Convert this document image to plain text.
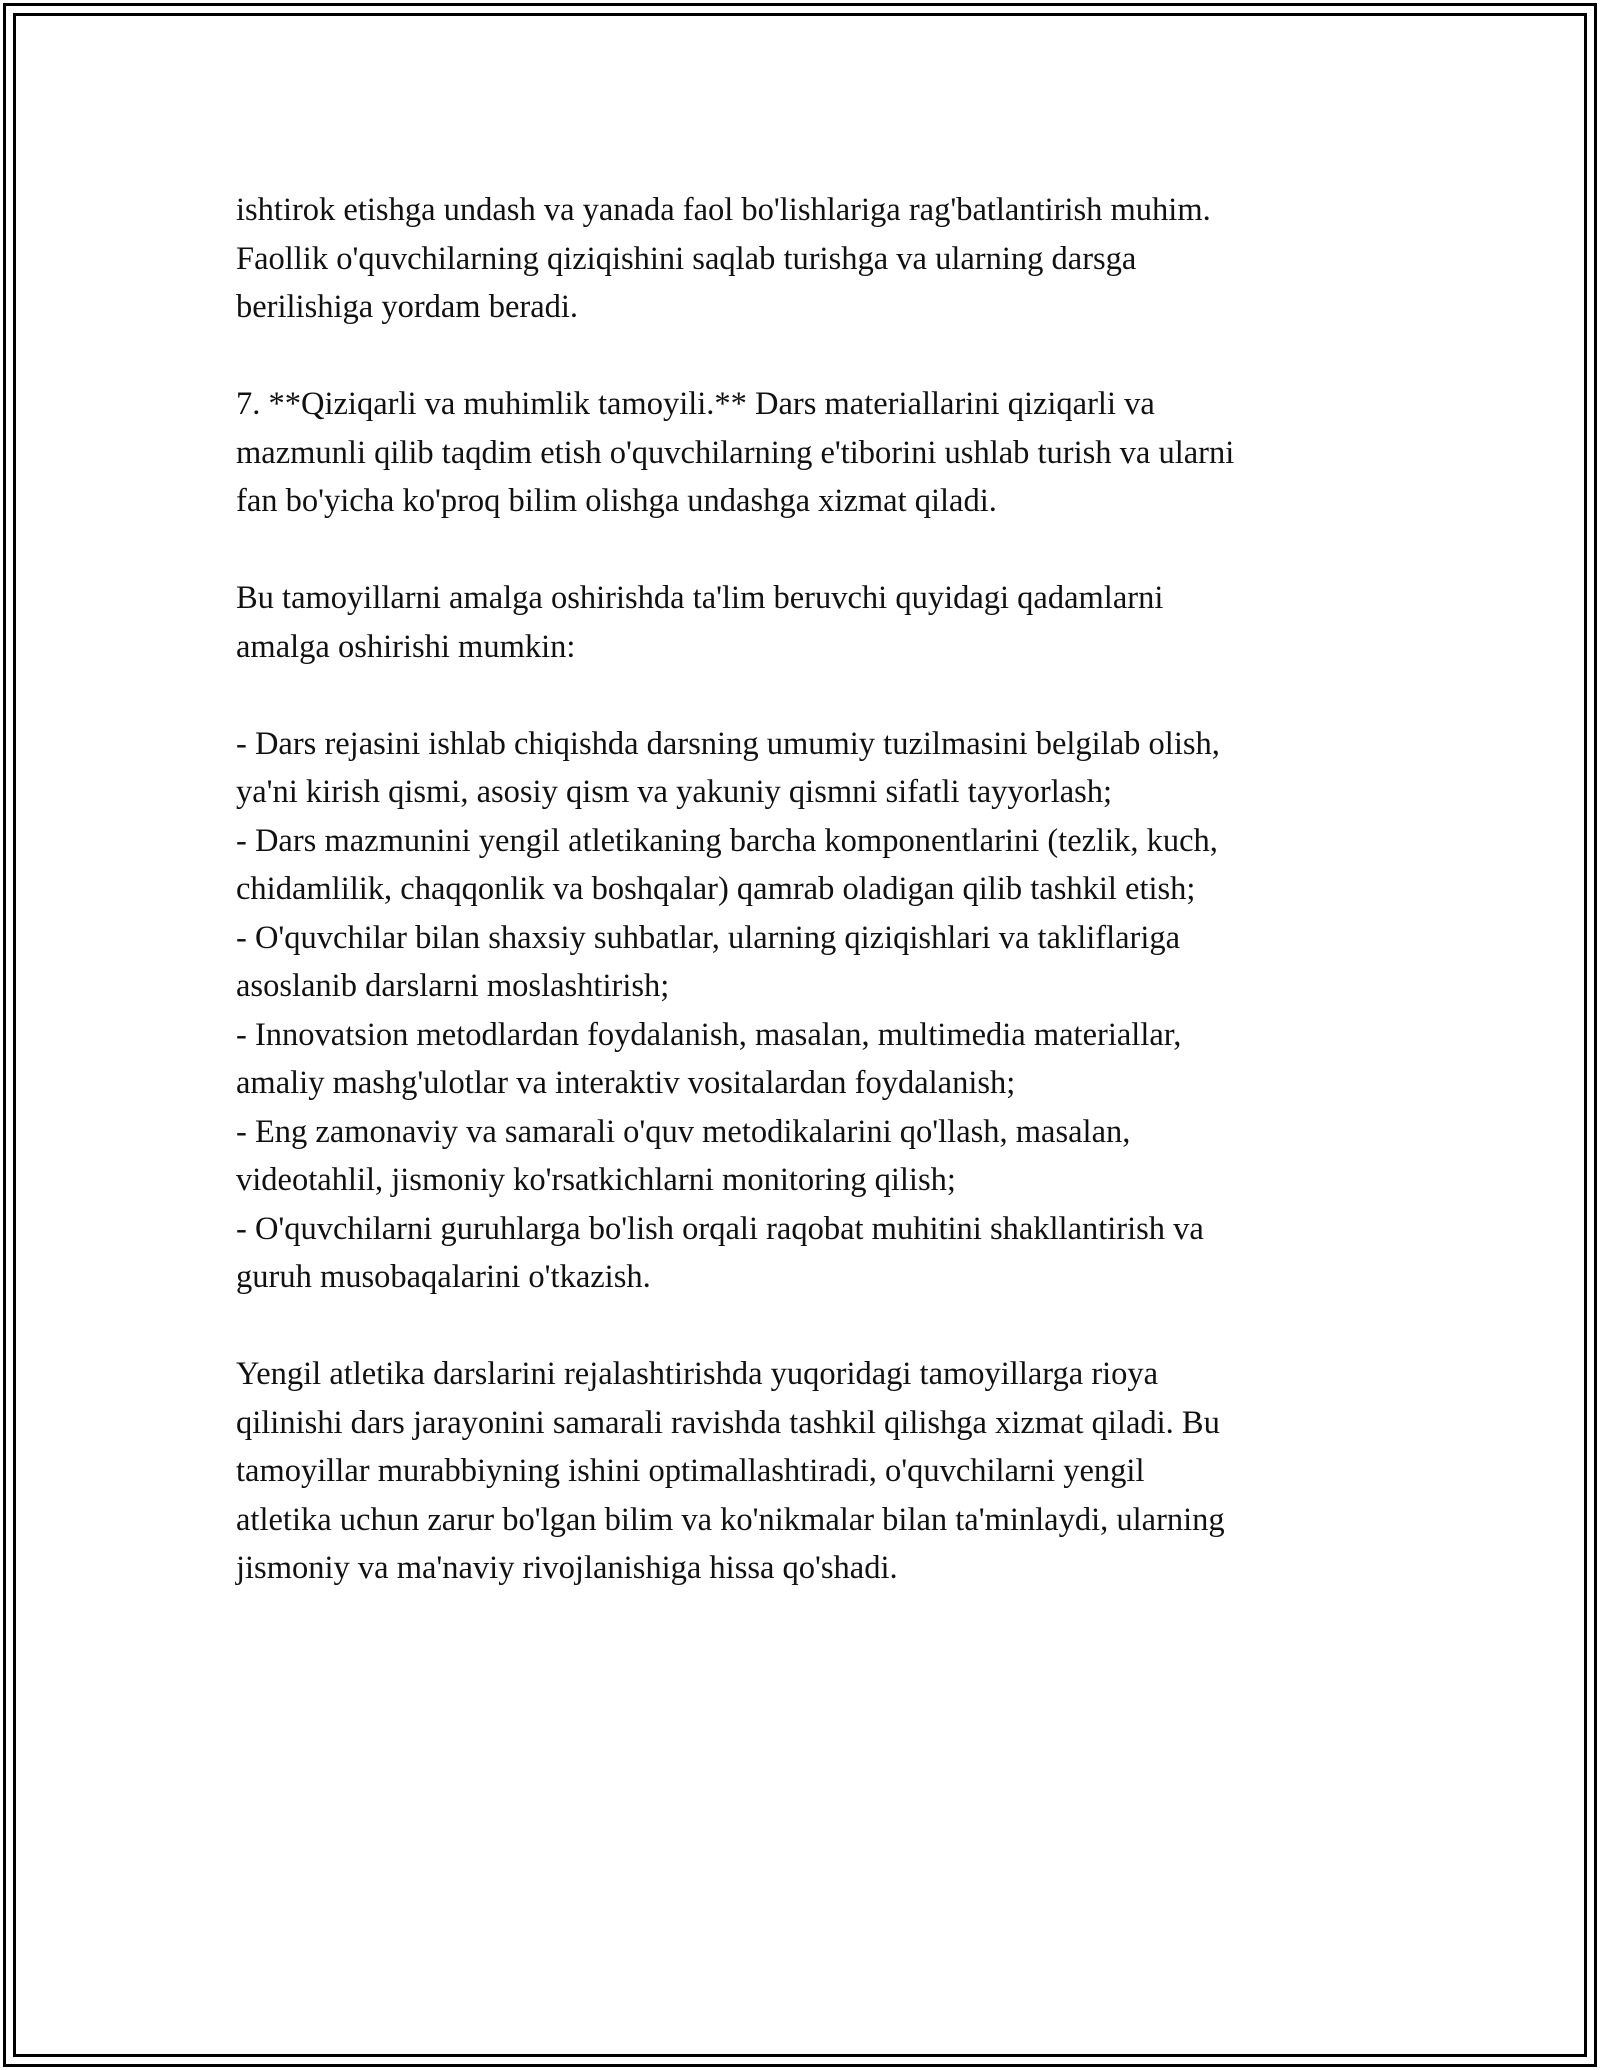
ishtirok etishga undash va yanada faol bo'lishlariga rag'batlantirish muhim.
Faollik o'quvchilarning qiziqishini saqlab turishga va ularning darsga
berilishiga yordam beradi.
7. **Qiziqarli va muhimlik tamoyili.** Dars materiallarini qiziqarli va
mazmunli qilib taqdim etish o'quvchilarning e'tiborini ushlab turish va ularni
fan bo'yicha ko'proq bilim olishga undashga xizmat qiladi.
Bu tamoyillarni amalga oshirishda ta'lim beruvchi quyidagi qadamlarni
amalga oshirishi mumkin:
- Dars rejasini ishlab chiqishda darsning umumiy tuzilmasini belgilab olish,
ya'ni kirish qismi, asosiy qism va yakuniy qismni sifatli tayyorlash;
- Dars mazmunini yengil atletikaning barcha komponentlarini (tezlik, kuch,
chidamlilik, chaqqonlik va boshqalar) qamrab oladigan qilib tashkil etish;
- O'quvchilar bilan shaxsiy suhbatlar, ularning qiziqishlari va takliflariga
asoslanib darslarni moslashtirish;
- Innovatsion metodlardan foydalanish, masalan, multimedia materiallar,
amaliy mashg'ulotlar va interaktiv vositalardan foydalanish;
- Eng zamonaviy va samarali o'quv metodikalarini qo'llash, masalan,
videotahlil, jismoniy ko'rsatkichlarni monitoring qilish;
- O'quvchilarni guruhlarga bo'lish orqali raqobat muhitini shakllantirish va
guruh musobaqalarini o'tkazish.
Yengil atletika darslarini rejalashtirishda yuqoridagi tamoyillarga rioya
qilinishi dars jarayonini samarali ravishda tashkil qilishga xizmat qiladi. Bu
tamoyillar murabbiyning ishini optimallashtiradi, o'quvchilarni yengil
atletika uchun zarur bo'lgan bilim va ko'nikmalar bilan ta'minlaydi, ularning
jismoniy va ma'naviy rivojlanishiga hissa qo'shadi.
